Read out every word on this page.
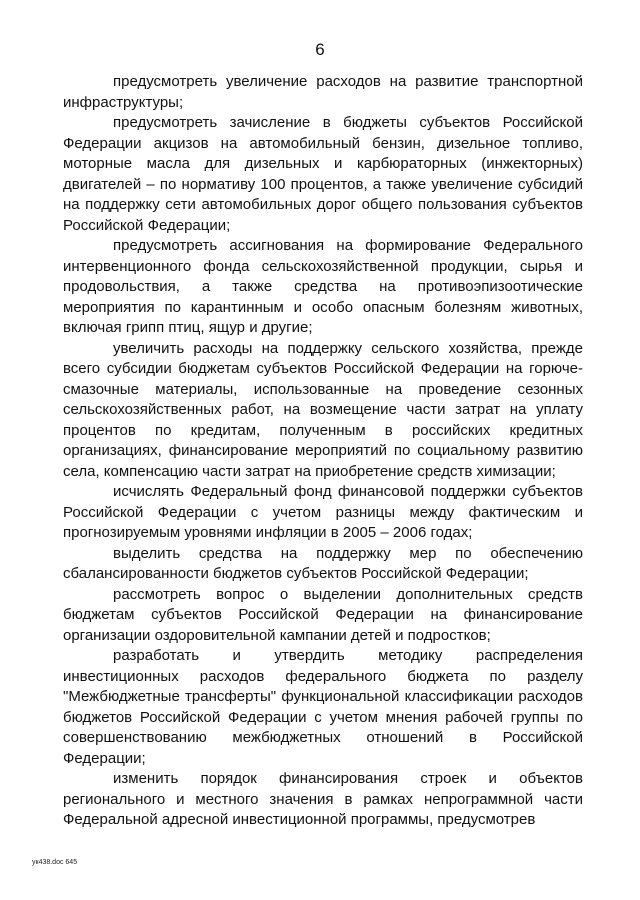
6

предусмотреть увеличение расходов на развитие транспортной инфраструктуры;

предусмотреть зачисление в бюджеты субъектов Российской Федерации акцизов на автомобильный бензин, дизельное топливо, моторные масла для дизельных и карбюраторных (инжекторных) двигателей – по нормативу 100 процентов, а также увеличение субсидий на поддержку сети автомобильных дорог общего пользования субъектов Российской Федерации;

предусмотреть ассигнования на формирование Федерального интервенционного фонда сельскохозяйственной продукции, сырья и продовольствия, а также средства на противоэпизоотические мероприятия по карантинным и особо опасным болезням животных, включая грипп птиц, ящур и другие;

увеличить расходы на поддержку сельского хозяйства, прежде всего субсидии бюджетам субъектов Российской Федерации на горюче-смазочные материалы, использованные на проведение сезонных сельскохозяйственных работ, на возмещение части затрат на уплату процентов по кредитам, полученным в российских кредитных организациях, финансирование мероприятий по социальному развитию села, компенсацию части затрат на приобретение средств химизации;

исчислять Федеральный фонд финансовой поддержки субъектов Российской Федерации с учетом разницы между фактическим и прогнозируемым уровнями инфляции в 2005 – 2006 годах;

выделить средства на поддержку мер по обеспечению сбалансированности бюджетов субъектов Российской Федерации;

рассмотреть вопрос о выделении дополнительных средств бюджетам субъектов Российской Федерации на финансирование организации оздоровительной кампании детей и подростков;

разработать и утвердить методику распределения инвестиционных расходов федерального бюджета по разделу "Межбюджетные трансферты" функциональной классификации расходов бюджетов Российской Федерации с учетом мнения рабочей группы по совершенствованию межбюджетных отношений в Российской Федерации;

изменить порядок финансирования строек и объектов регионального и местного значения в рамках непрограммной части Федеральной адресной инвестиционной программы, предусмотрев

ук438.doc 645
